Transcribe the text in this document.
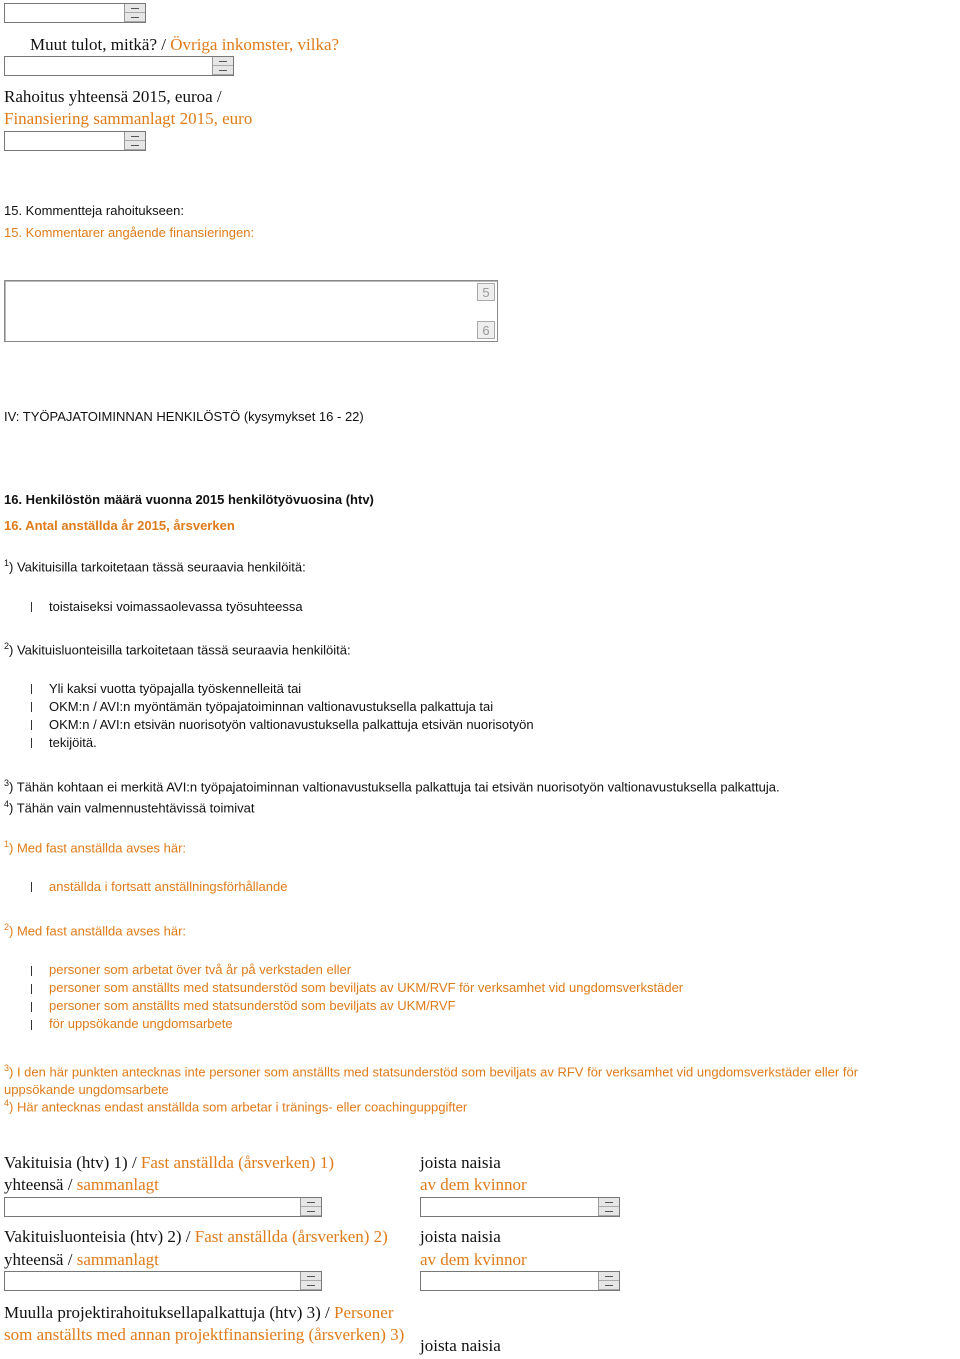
Muut tulot, mitkä? / Övriga inkomster, vilka?
Rahoitus yhteensä 2015, euroa /
Finansiering sammanlagt 2015, euro
15. Kommentteja rahoitukseen:
15. Kommentarer angående finansieringen:
5
6
IV: TYÖPAJATOIMINNAN HENKILÖSTÖ (kysymykset 16 - 22)
16. Henkilöstön määrä vuonna 2015 henkilötyövuosina (htv)
16. Antal anställda år 2015, årsverken
$^1$) Vakituisilla tarkoitetaan tässä seuraavia henkilöitä:
toistaiseksi voimassaolevassa työsuhteessa
$^2$) Vakituisluonteisilla tarkoitetaan tässä seuraavia henkilöitä:
Yli kaksi vuotta työpajalla työskennelleitä tai
OKM:n / AVI:n myöntämän työpajatoiminnan valtionavustuksella palkattuja tai
OKM:n / AVI:n etsivän nuorisotyön valtionavustuksella palkattuja etsivän nuorisotyön
tekijöitä.
$^3$) Tähän kohtaan ei merkitä AVI:n työpajatoiminnan valtionavustuksella palkattuja tai etsivän nuorisotyön valtionavustuksella palkattuja.
$^4$) Tähän vain valmennustehtävissä toimivat
$^1$) Med fast anställda avses här:
anställda i fortsatt anställningsförhållande
$^2$) Med fast anställda avses här:
personer som arbetat över två år på verkstaden eller
personer som anställts med statsunderstöd som beviljats av UKM/RVF för verksamhet vid ungdomsverkstäder
personer som anställts med statsunderstöd som beviljats av UKM/RVF
för uppsökande ungdomsarbete
$^3$) I den här punkten antecknas inte personer som anställts med statsunderstöd som beviljats av RFV för verksamhet vid ungdomsverkstäder eller för
uppsökande ungdomsarbete
$^4$) Här antecknas endast anställda som arbetar i tränings- eller coachinguppgifter
Vakituisia (htv) 1) / Fast anställda (årsverken) 1)
yhteensä / sammanlagt
joista naisia
av dem kvinnor
Vakituisluonteisia (htv) 2) / Fast anställda (årsverken) 2)
yhteensä / sammanlagt
joista naisia
av dem kvinnor
Muulla projektirahoituksellapalkattuja (htv) 3) / Personer
som anställts med annan projektfinansiering (årsverken) 3)
joista naisia
